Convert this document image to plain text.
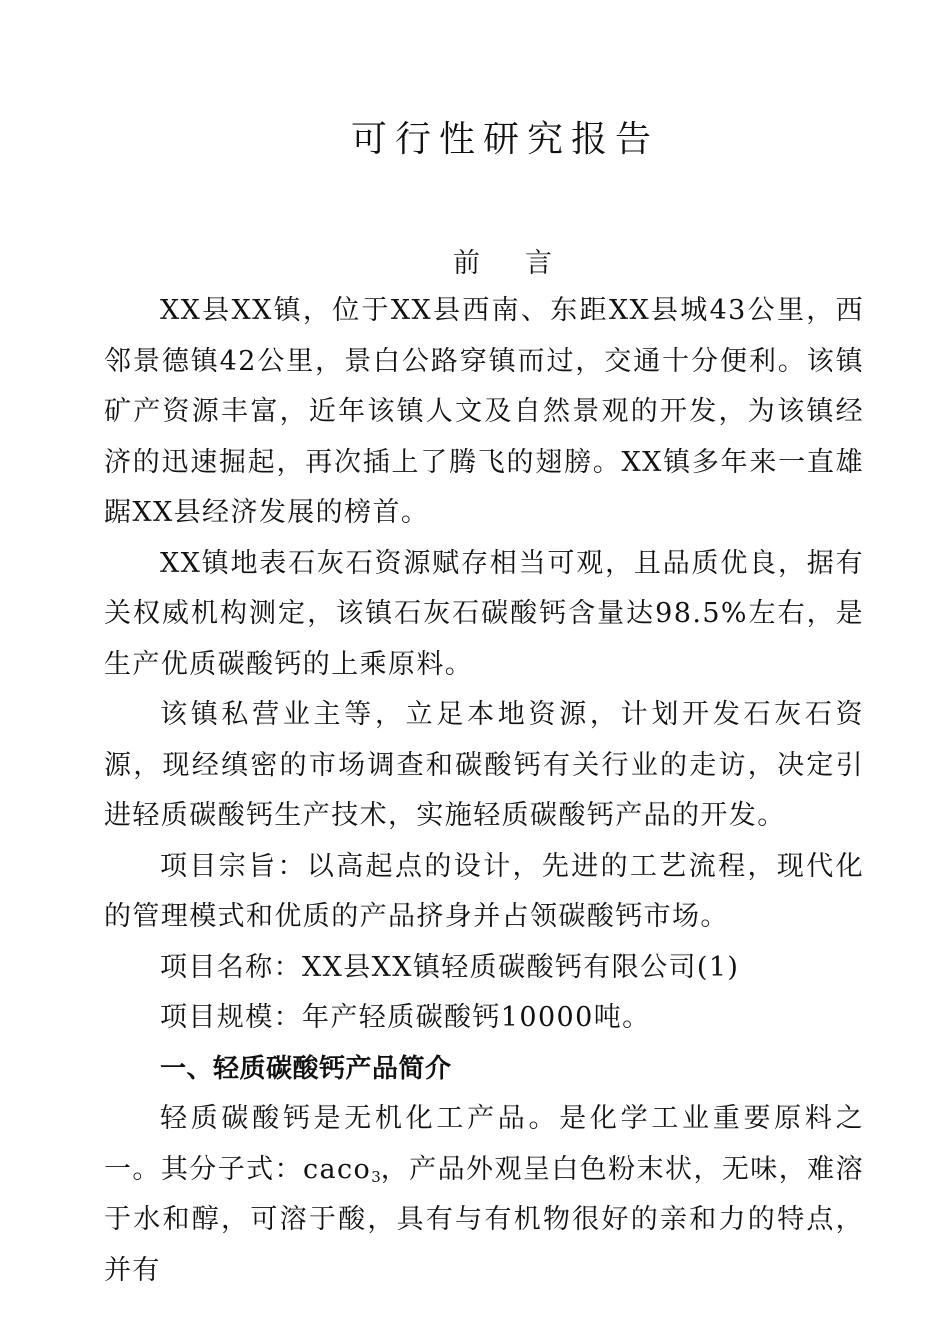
可行性研究报告
前 言

XX县XX镇，位于XX县西南、东距XX县城43公里，西邻景德镇42公里，景白公路穿镇而过，交通十分便利。该镇矿产资源丰富，近年该镇人文及自然景观的开发，为该镇经济的迅速掘起，再次插上了腾飞的翅膀。XX镇多年来一直雄踞XX县经济发展的榜首。

XX镇地表石灰石资源赋存相当可观，且品质优良，据有关权威机构测定，该镇石灰石碳酸钙含量达98.5%左右，是生产优质碳酸钙的上乘原料。

该镇私营业主等，立足本地资源，计划开发石灰石资源，现经缜密的市场调查和碳酸钙有关行业的走访，决定引进轻质碳酸钙生产技术，实施轻质碳酸钙产品的开发。

项目宗旨：以高起点的设计，先进的工艺流程，现代化的管理模式和优质的产品挤身并占领碳酸钙市场。

项目名称：XX县XX镇轻质碳酸钙有限公司(1)

项目规模：年产轻质碳酸钙10000吨。

一、轻质碳酸钙产品简介

轻质碳酸钙是无机化工产品。是化学工业重要原料之一。其分子式：caco$_3$，产品外观呈白色粉末状，无味，难溶于水和醇，可溶于酸，具有与有机物很好的亲和力的特点，并有
